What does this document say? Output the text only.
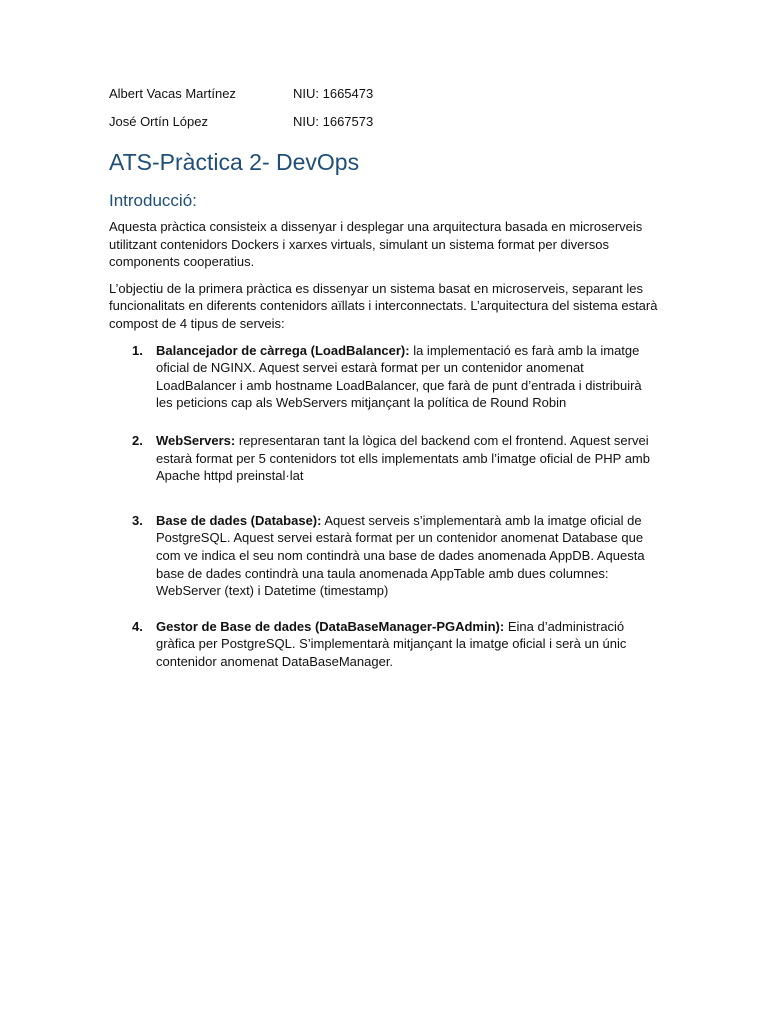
Albert Vacas Martínez	NIU: 1665473
José Ortín López	NIU: 1667573
ATS-Pràctica 2- DevOps
Introducció:

Aquesta pràctica consisteix a dissenyar i desplegar una arquitectura basada en microserveis utilitzant contenidors Dockers i xarxes virtuals, simulant un sistema format per diversos components cooperatius.

L’objectiu de la primera pràctica es dissenyar un sistema basat en microserveis, separant les funcionalitats en diferents contenidors aïllats i interconnectats. L’arquitectura del sistema estarà compost de 4 tipus de serveis:

1.	Balancejador de càrrega (LoadBalancer): la implementació es farà amb la imatge oficial de NGINX. Aquest servei estarà format per un contenidor anomenat LoadBalancer i amb hostname LoadBalancer, que farà de punt d’entrada i distribuirà les peticions cap als WebServers mitjançant la política de Round Robin
2.	WebServers: representaran tant la lògica del backend com el frontend. Aquest servei estarà format per 5 contenidors tot ells implementats amb l’imatge oficial de PHP amb Apache httpd preinstal·lat
3.	Base de dades (Database): Aquest serveis s’implementarà amb la imatge oficial de PostgreSQL. Aquest servei estarà format per un contenidor anomenat Database que com ve indica el seu nom contindrà una base de dades anomenada AppDB. Aquesta base de dades contindrà una taula anomenada AppTable amb dues columnes: WebServer (text) i Datetime (timestamp)
4.	Gestor de Base de dades (DataBaseManager-PGAdmin): Eina d’administració gràfica per PostgreSQL. S’implementarà mitjançant la imatge oficial i serà un únic contenidor anomenat DataBaseManager.
